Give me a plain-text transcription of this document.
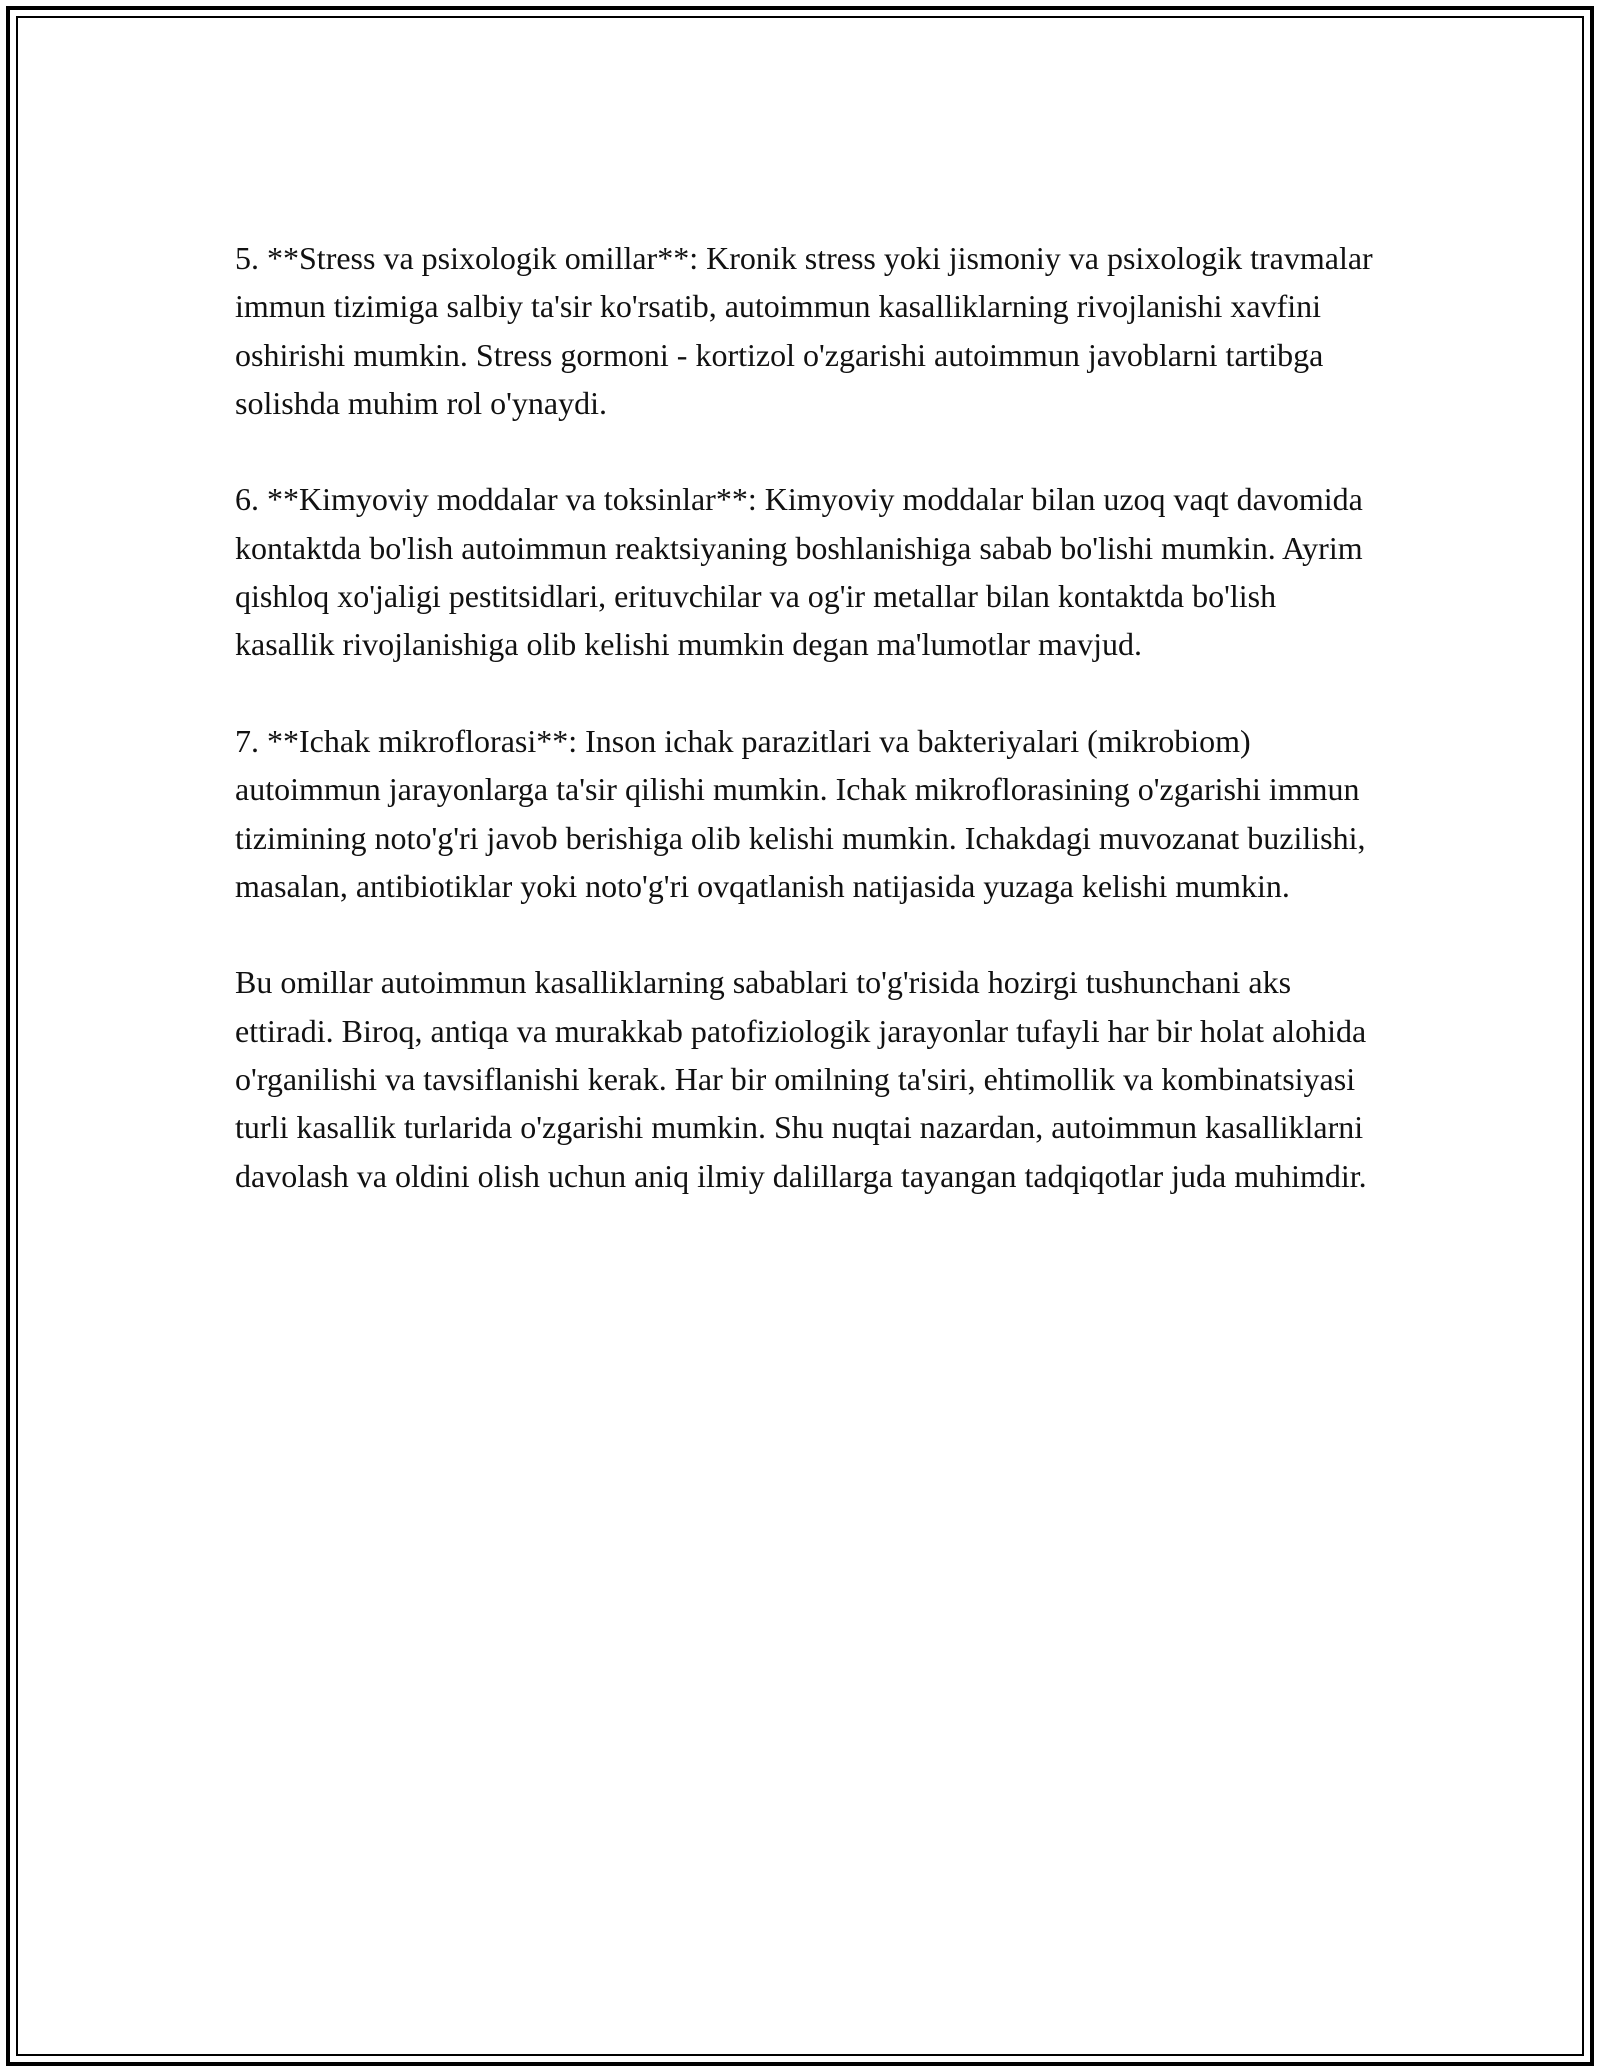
5. **Stress va psixologik omillar**: Kronik stress yoki jismoniy va psixologik travmalar immun tizimiga salbiy ta'sir ko'rsatib, autoimmun kasalliklarning rivojlanishi xavfini oshirishi mumkin. Stress gormoni - kortizol o'zgarishi autoimmun javoblarni tartibga solishda muhim rol o'ynaydi.

6. **Kimyoviy moddalar va toksinlar**: Kimyoviy moddalar bilan uzoq vaqt davomida kontaktda bo'lish autoimmun reaktsiyaning boshlanishiga sabab bo'lishi mumkin. Ayrim qishloq xo'jaligi pestitsidlari, erituvchilar va og'ir metallar bilan kontaktda bo'lish kasallik rivojlanishiga olib kelishi mumkin degan ma'lumotlar mavjud.

7. **Ichak mikroflorasi**: Inson ichak parazitlari va bakteriyalari (mikrobiom) autoimmun jarayonlarga ta'sir qilishi mumkin. Ichak mikroflorasining o'zgarishi immun tizimining noto'g'ri javob berishiga olib kelishi mumkin. Ichakdagi muvozanat buzilishi, masalan, antibiotiklar yoki noto'g'ri ovqatlanish natijasida yuzaga kelishi mumkin.

Bu omillar autoimmun kasalliklarning sabablari to'g'risida hozirgi tushunchani aks ettiradi. Biroq, antiqa va murakkab patofiziologik jarayonlar tufayli har bir holat alohida o'rganilishi va tavsiflanishi kerak. Har bir omilning ta'siri, ehtimollik va kombinatsiyasi turli kasallik turlarida o'zgarishi mumkin. Shu nuqtai nazardan, autoimmun kasalliklarni davolash va oldini olish uchun aniq ilmiy dalillarga tayangan tadqiqotlar juda muhimdir.
